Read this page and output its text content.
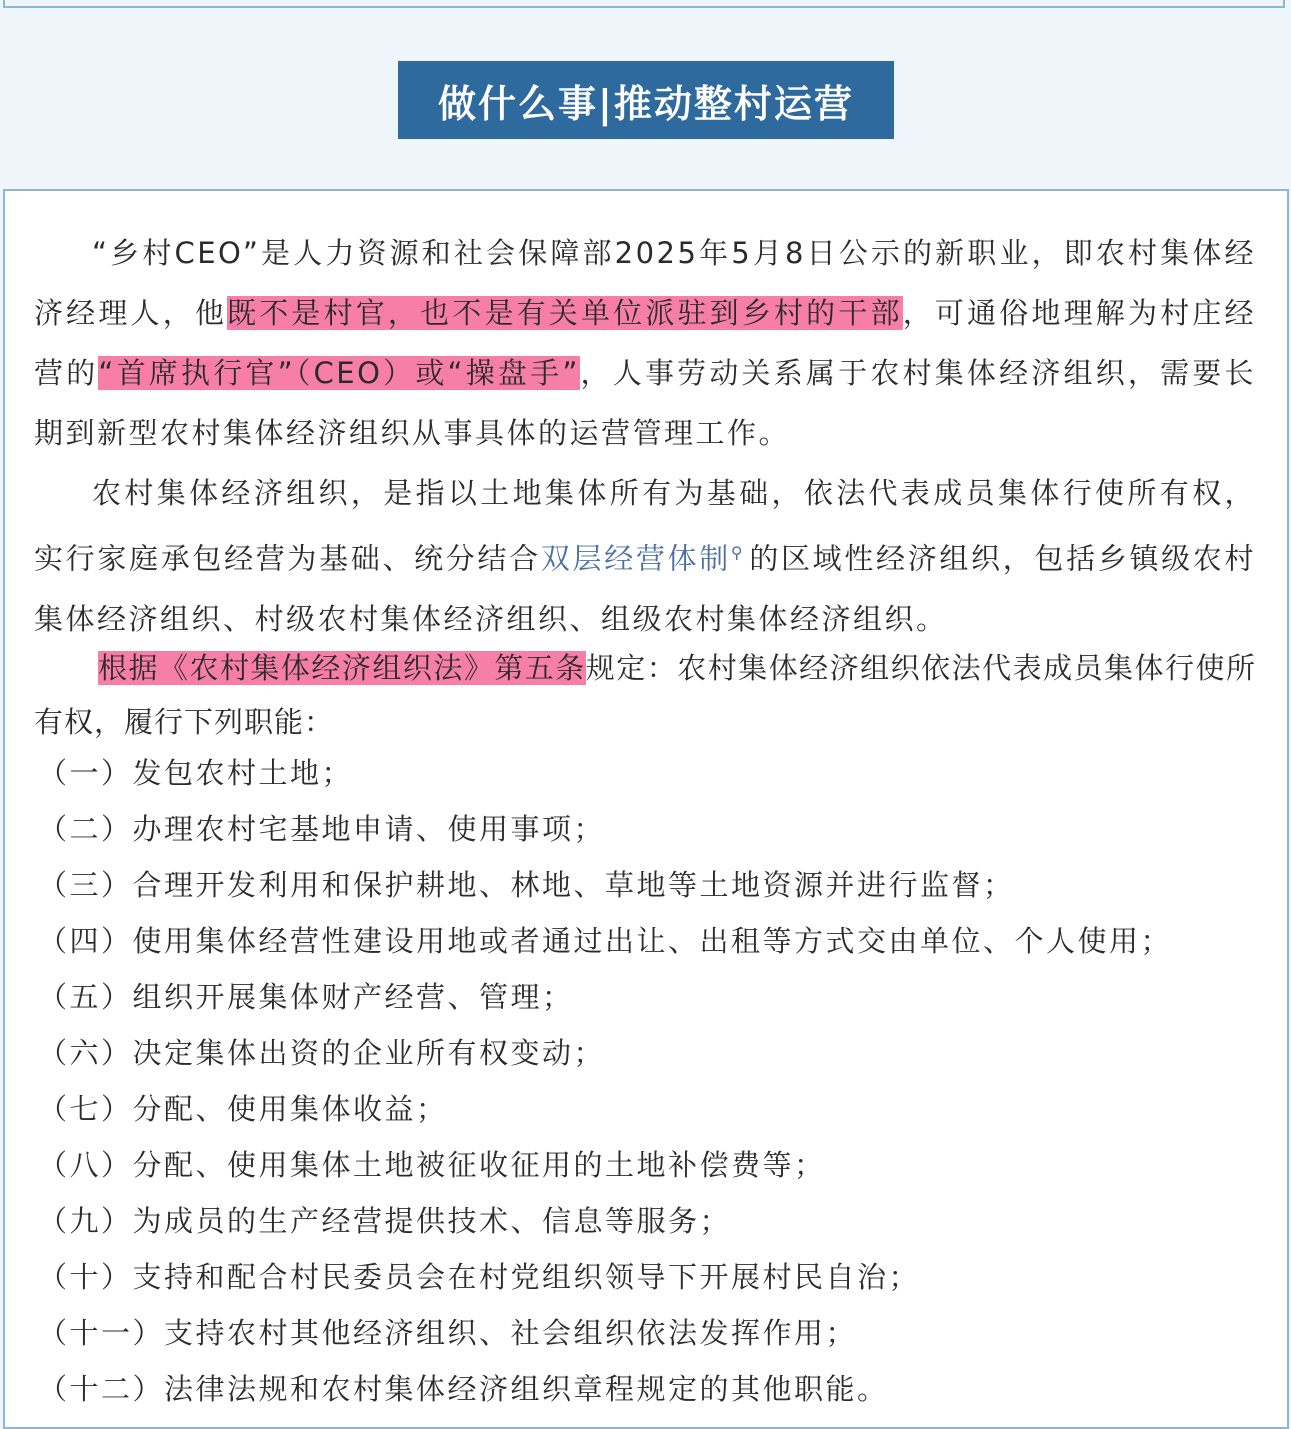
做什么事|推动整村运营

“乡村CEO”是人力资源和社会保障部2025年5月8日公示的新职业，即农村集体经济经理人，他既不是村官，也不是有关单位派驻到乡村的干部，可通俗地理解为村庄经营的“首席执行官”（CEO）或“操盘手”，人事劳动关系属于农村集体经济组织，需要长期到新型农村集体经济组织从事具体的运营管理工作。

农村集体经济组织，是指以土地集体所有为基础，依法代表成员集体行使所有权，实行家庭承包经营为基础、统分结合双层经营体制⚲ 的区域性经济组织，包括乡镇级农村集体经济组织、村级农村集体经济组织、组级农村集体经济组织。

根据《农村集体经济组织法》第五条规定：农村集体经济组织依法代表成员集体行使所有权，履行下列职能：

（一）发包农村土地；
（二）办理农村宅基地申请、使用事项；
（三）合理开发利用和保护耕地、林地、草地等土地资源并进行监督；
（四）使用集体经营性建设用地或者通过出让、出租等方式交由单位、个人使用；
（五）组织开展集体财产经营、管理；
（六）决定集体出资的企业所有权变动；
（七）分配、使用集体收益；
（八）分配、使用集体土地被征收征用的土地补偿费等；
（九）为成员的生产经营提供技术、信息等服务；
（十）支持和配合村民委员会在村党组织领导下开展村民自治；
（十一）支持农村其他经济组织、社会组织依法发挥作用；
（十二）法律法规和农村集体经济组织章程规定的其他职能。
